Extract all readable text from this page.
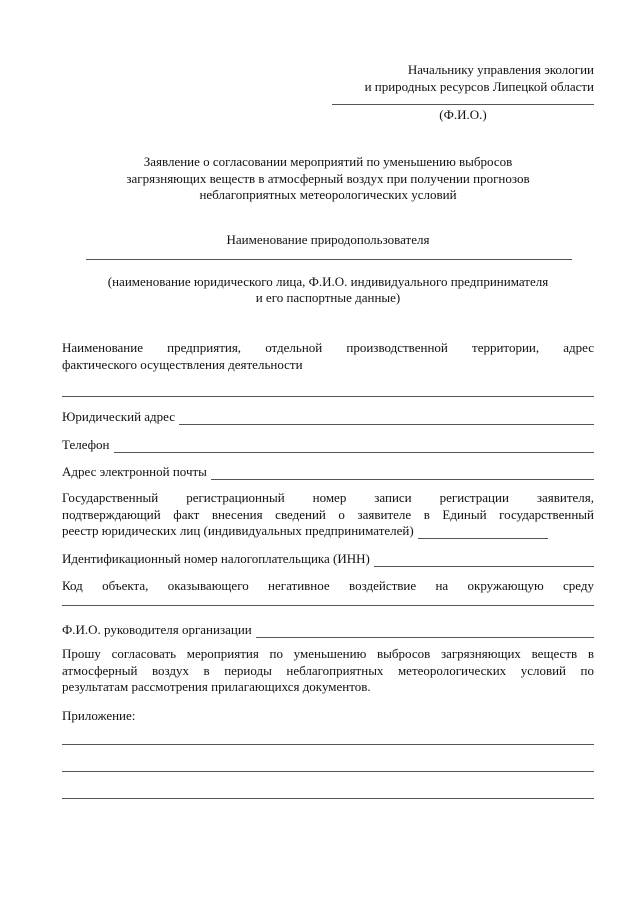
Начальнику управления экологии
и природных ресурсов Липецкой области
(Ф.И.О.)
Заявление о согласовании мероприятий по уменьшению выбросов
загрязняющих веществ в атмосферный воздух при получении прогнозов
неблагоприятных метеорологических условий
Наименование природопользователя
(наименование юридического лица, Ф.И.О. индивидуального предпринимателя
и его паспортные данные)
Наименование предприятия, отдельной производственной территории, адрес
фактического осуществления деятельности
Юридический адрес
Телефон
Адрес электронной почты
Государственный регистрационный номер записи регистрации заявителя,
подтверждающий факт внесения сведений о заявителе в Единый государственный
реестр юридических лиц (индивидуальных предпринимателей)
Идентификационный номер налогоплательщика (ИНН)
Код объекта, оказывающего негативное воздействие на окружающую среду
Ф.И.О. руководителя организации
Прошу согласовать мероприятия по уменьшению выбросов загрязняющих веществ в
атмосферный воздух в периоды неблагоприятных метеорологических условий по
результатам рассмотрения прилагающихся документов.
Приложение:
